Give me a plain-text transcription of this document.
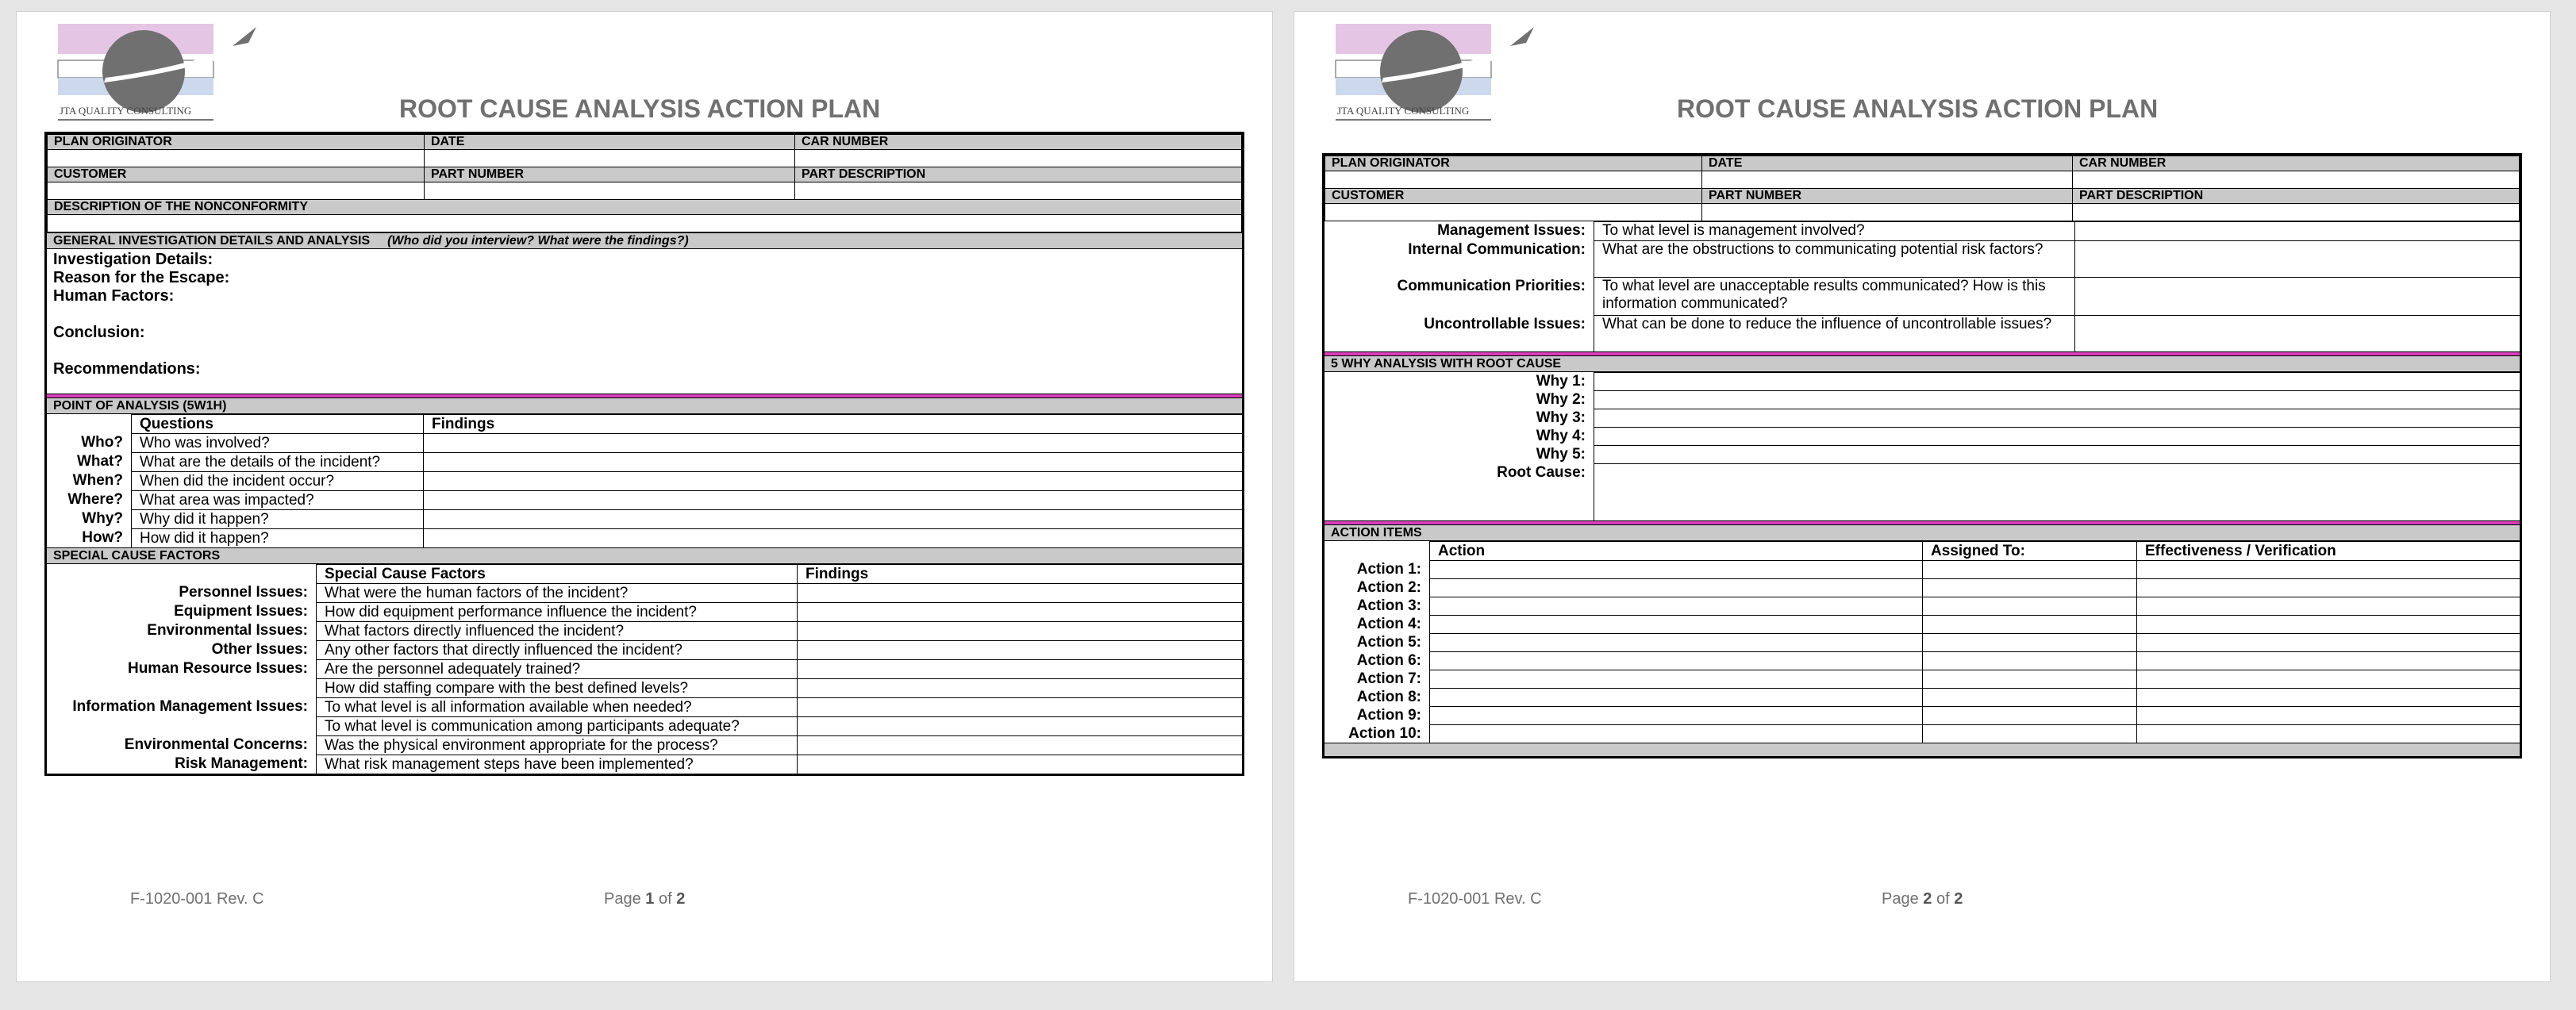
JTA QUALITY CONSULTING	ROOT CAUSE ANALYSIS ACTION PLAN
PLAN ORIGINATOR	DATE	CAR NUMBER

CUSTOMER	PART NUMBER	PART DESCRIPTION

DESCRIPTION OF THE NONCONFORMITY		

GENERAL INVESTIGATION DETAILS AND ANALYSIS (Who did you interview? What were the findings?)
Investigation Details:
Reason for the Escape:
Human Factors:
Conclusion:
Recommendations:
POINT OF ANALYSIS (5W1H)
Questions	Findings
Who?	Who was involved?
What?	What are the details of the incident?
When?	When did the incident occur?
Where?	What area was impacted?
Why?	Why did it happen?
How?	How did it happen?
SPECIAL CAUSE FACTORS
Special Cause Factors	Findings
Personnel Issues:	What were the human factors of the incident?
Equipment Issues:	How did equipment performance influence the incident?
Environmental Issues:	What factors directly influenced the incident?
Other Issues:	Any other factors that directly influenced the incident?
Human Resource Issues:	Are the personnel adequately trained?
How did staffing compare with the best defined levels?
Information Management Issues:	To what level is all information available when needed?
To what level is communication among participants adequate?
Environmental Concerns:	Was the physical environment appropriate for the process?
Risk Management:	What risk management steps have been implemented?
F-1020-001 Rev. C	Page 1 of 2
JTA QUALITY CONSULTING	ROOT CAUSE ANALYSIS ACTION PLAN
PLAN ORIGINATOR	DATE	CAR NUMBER

CUSTOMER	PART NUMBER	PART DESCRIPTION

Management Issues:	To what level is management involved?
Internal Communication:	What are the obstructions to communicating potential risk factors?
Communication Priorities:	To what level are unacceptable results communicated? How is this information communicated?
Uncontrollable Issues:	What can be done to reduce the influence of uncontrollable issues?
5 WHY ANALYSIS WITH ROOT CAUSE
Why 1:
Why 2:
Why 3:
Why 4:
Why 5:
Root Cause:
ACTION ITEMS
Action	Assigned To:	Effectiveness / Verification
Action 1:
Action 2:
Action 3:
Action 4:
Action 5:
Action 6:
Action 7:
Action 8:
Action 9:
Action 10:
F-1020-001 Rev. C	Page 2 of 2
